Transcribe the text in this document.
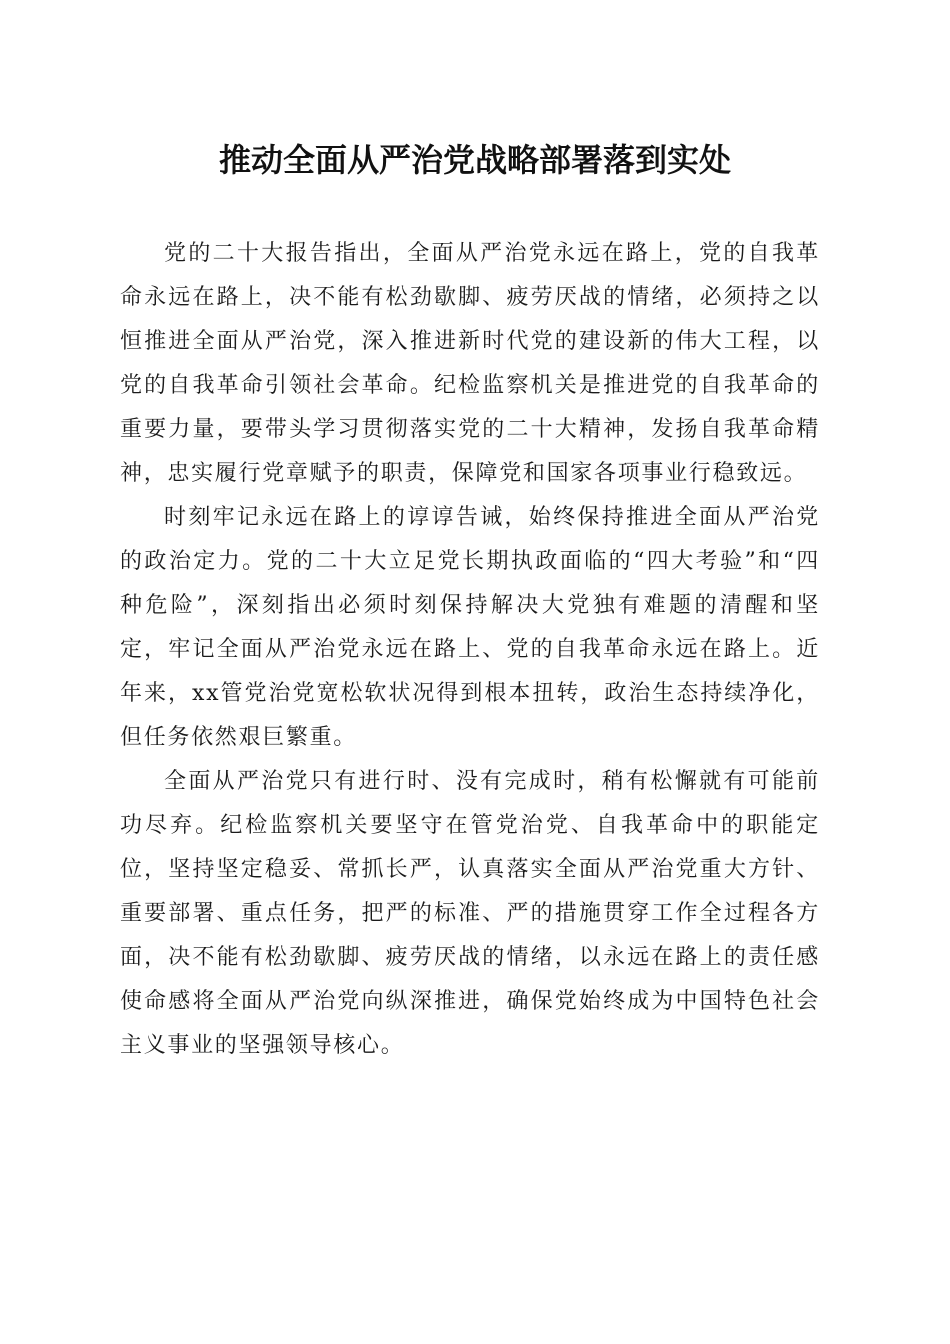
推动全面从严治党战略部署落到实处

党的二十大报告指出，全面从严治党永远在路上，党的自我革命永远在路上，决不能有松劲歇脚、疲劳厌战的情绪，必须持之以恒推进全面从严治党，深入推进新时代党的建设新的伟大工程，以党的自我革命引领社会革命。纪检监察机关是推进党的自我革命的重要力量，要带头学习贯彻落实党的二十大精神，发扬自我革命精神，忠实履行党章赋予的职责，保障党和国家各项事业行稳致远。

时刻牢记永远在路上的谆谆告诫，始终保持推进全面从严治党的政治定力。党的二十大立足党长期执政面临的“四大考验”和“四种危险”，深刻指出必须时刻保持解决大党独有难题的清醒和坚定，牢记全面从严治党永远在路上、党的自我革命永远在路上。近年来，xx管党治党宽松软状况得到根本扭转，政治生态持续净化，但任务依然艰巨繁重。

全面从严治党只有进行时、没有完成时，稍有松懈就有可能前功尽弃。纪检监察机关要坚守在管党治党、自我革命中的职能定位，坚持坚定稳妥、常抓长严，认真落实全面从严治党重大方针、重要部署、重点任务，把严的标准、严的措施贯穿工作全过程各方面，决不能有松劲歇脚、疲劳厌战的情绪，以永远在路上的责任感使命感将全面从严治党向纵深推进，确保党始终成为中国特色社会主义事业的坚强领导核心。
